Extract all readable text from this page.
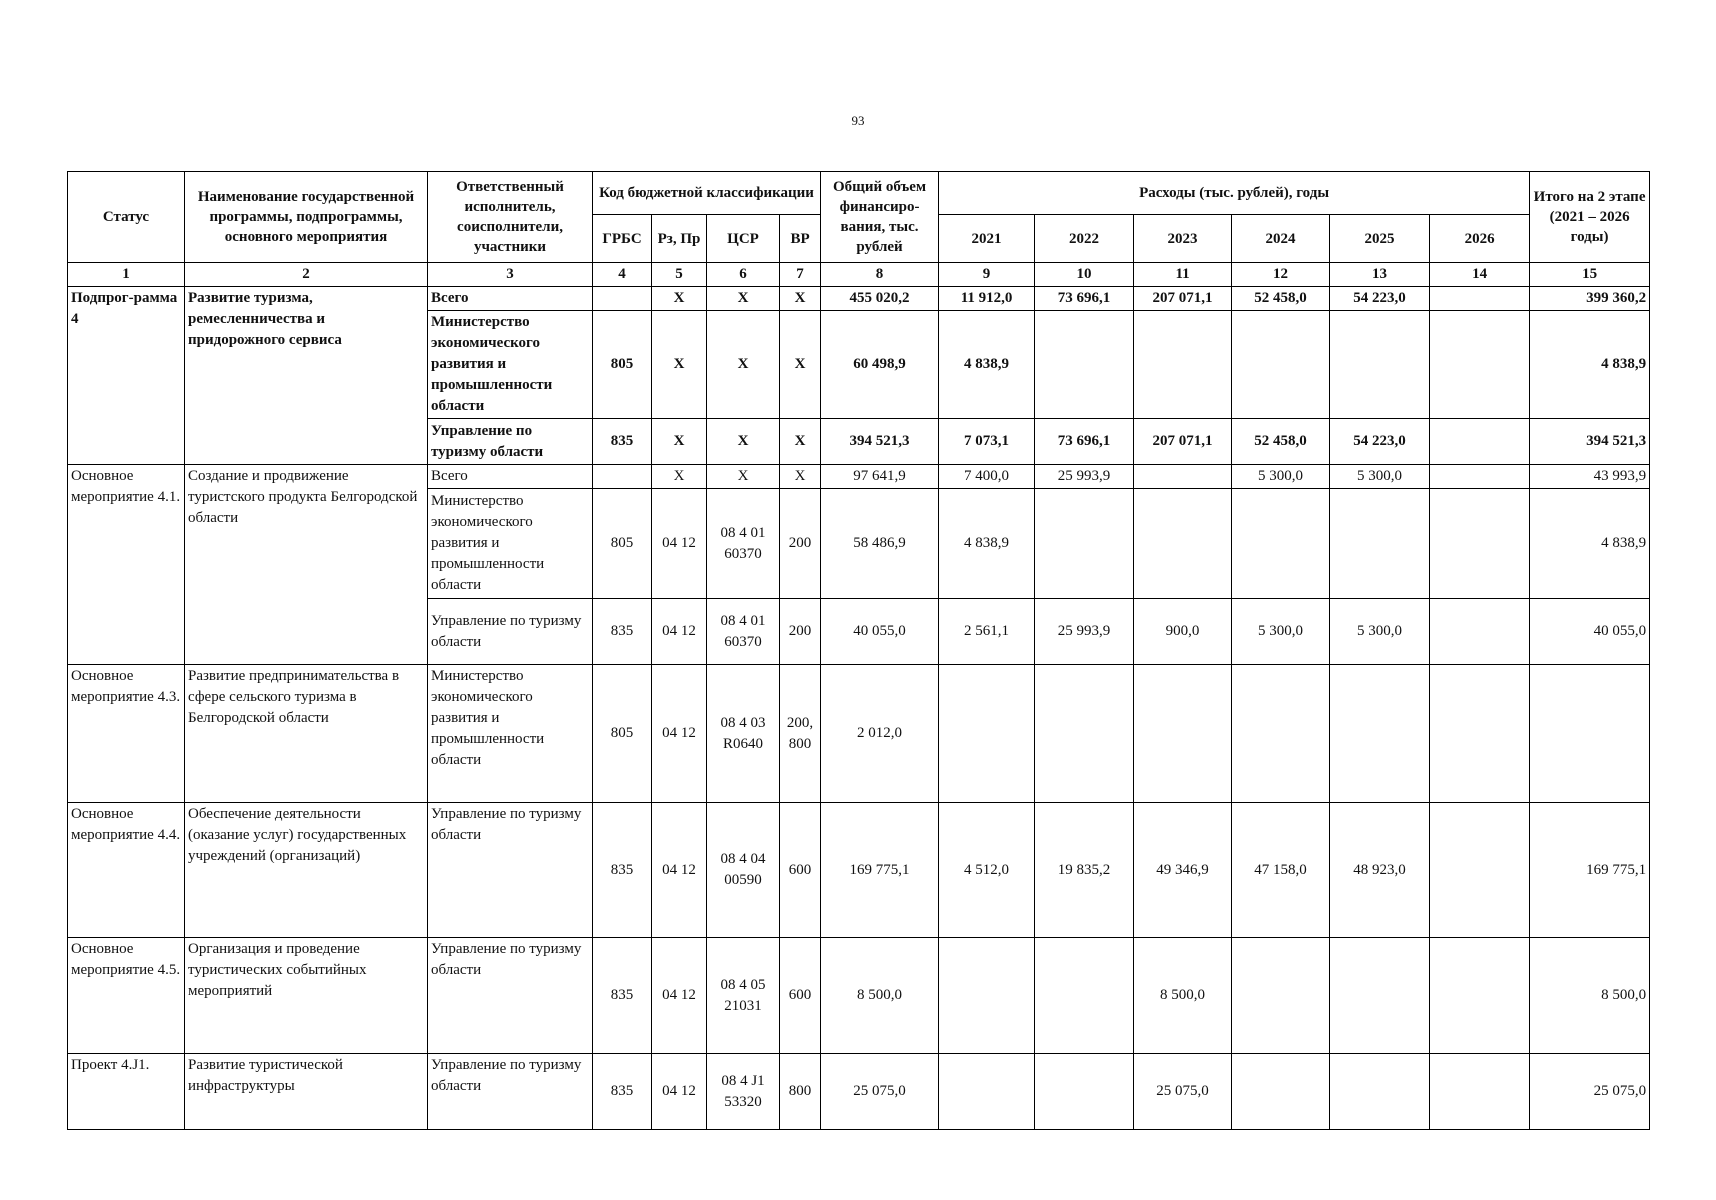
93
Статус	Наименование государственной программы, подпрограммы, основного мероприятия	Ответственный исполнитель, соисполнители, участники	Код бюджетной классификации				Общий объем финансиро-вания, тыс. рублей	Расходы (тыс. рублей), годы						Итого на 2 этапе (2021 – 2026 годы)
			ГРБС	Рз, Пр	ЦСР	ВР		2021	2022	2023	2024	2025	2026	
1	2	3	4	5	6	7	8	9	10	11	12	13	14	15
Подпрог-рамма 4	Развитие туризма, ремесленничества и придорожного сервиса	Всего		Х	Х	Х	455 020,2	11 912,0	73 696,1	207 071,1	52 458,0	54 223,0		399 360,2
		Министерство экономического развития и промышленности области	805	Х	Х	Х	60 498,9	4 838,9						4 838,9
		Управление по туризму области	835	Х	Х	Х	394 521,3	7 073,1	73 696,1	207 071,1	52 458,0	54 223,0		394 521,3
Основное мероприятие 4.1.	Создание и продвижение туристского продукта Белгородской области	Всего		Х	Х	Х	97 641,9	7 400,0	25 993,9		5 300,0	5 300,0		43 993,9
		Министерство экономического развития и промышленности области	805	04 12	08 4 01 60370	200	58 486,9	4 838,9						4 838,9
		Управление по туризму области	835	04 12	08 4 01 60370	200	40 055,0	2 561,1	25 993,9	900,0	5 300,0	5 300,0		40 055,0
Основное мероприятие 4.3.	Развитие предпринимательства в сфере сельского туризма в Белгородской области	Министерство экономического развития и промышленности области	805	04 12	08 4 03 R0640	200, 800	2 012,0							
Основное мероприятие 4.4.	Обеспечение деятельности (оказание услуг) государственных учреждений (организаций)	Управление по туризму области	835	04 12	08 4 04 00590	600	169 775,1	4 512,0	19 835,2	49 346,9	47 158,0	48 923,0		169 775,1
Основное мероприятие 4.5.	Организация и проведение туристических событийных мероприятий	Управление по туризму области	835	04 12	08 4 05 21031	600	8 500,0			8 500,0				8 500,0
Проект 4.J1.	Развитие туристической инфраструктуры	Управление по туризму области	835	04 12	08 4 J1 53320	800	25 075,0			25 075,0				25 075,0
